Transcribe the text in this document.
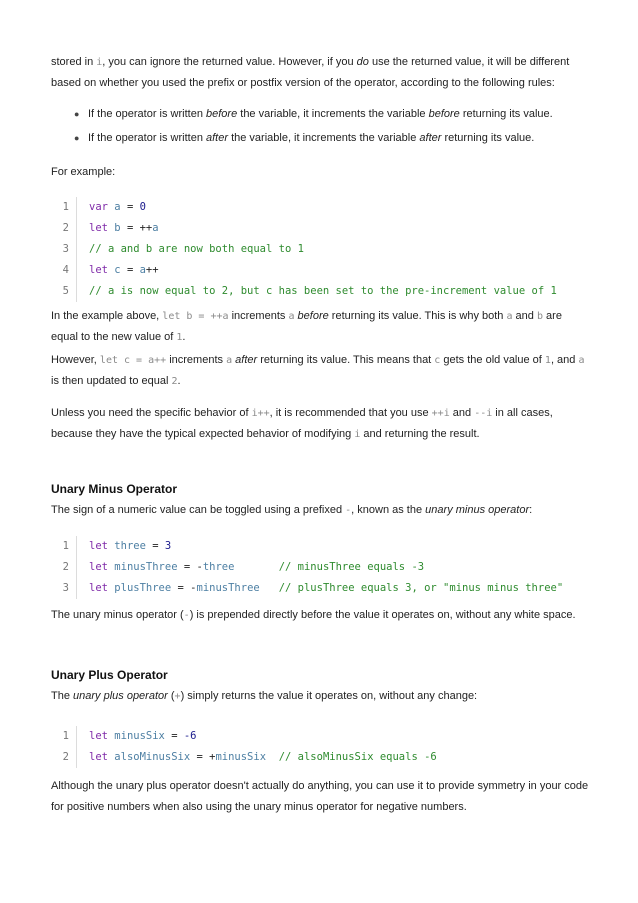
stored in i, you can ignore the returned value. However, if you do use the returned value, it will be different based on whether you used the prefix or postfix version of the operator, according to the following rules:

● If the operator is written before the variable, it increments the variable before returning its value.
● If the operator is written after the variable, it increments the variable after returning its value.

For example:

1	var a = 0
2	let b = ++a
3	// a and b are now both equal to 1
4	let c = a++
5	// a is now equal to 2, but c has been set to the pre-increment value of 1

In the example above, let b = ++a increments a before returning its value. This is why both a and b are equal to the new value of 1.

However, let c = a++ increments a after returning its value. This means that c gets the old value of 1, and a is then updated to equal 2.

Unless you need the specific behavior of i++, it is recommended that you use ++i and --i in all cases, because they have the typical expected behavior of modifying i and returning the result.

Unary Minus Operator

The sign of a numeric value can be toggled using a prefixed -, known as the unary minus operator:

1	let three = 3
2	let minusThree = -three	// minusThree equals -3
3	let plusThree = -minusThree // plusThree equals 3, or "minus minus three"

The unary minus operator (-) is prepended directly before the value it operates on, without any white space.

Unary Plus Operator

The unary plus operator (+) simply returns the value it operates on, without any change:

1	let minusSix = -6
2	let alsoMinusSix = +minusSix // alsoMinusSix equals -6

Although the unary plus operator doesn't actually do anything, you can use it to provide symmetry in your code for positive numbers when also using the unary minus operator for negative numbers.
